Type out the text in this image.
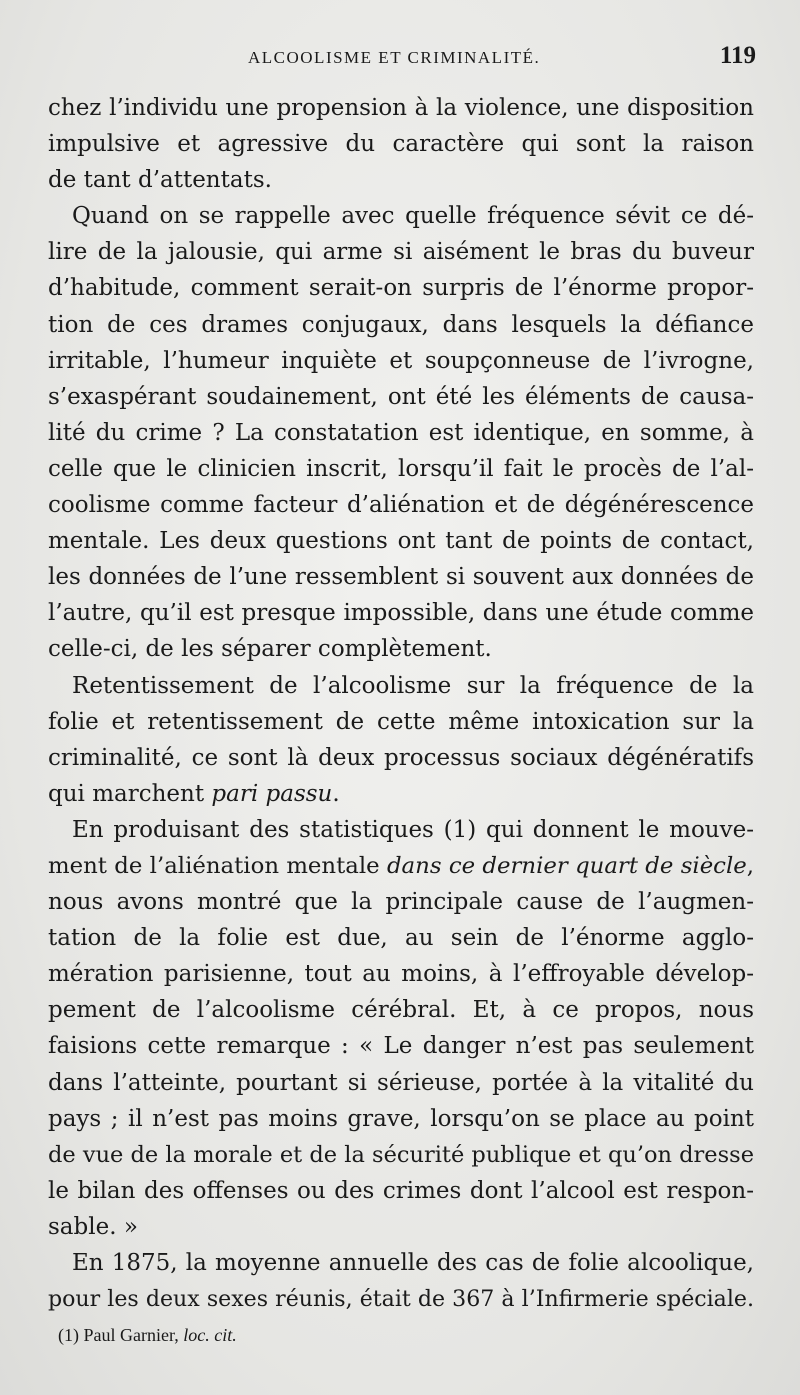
ALCOOLISME ET CRIMINALITÉ.	119
chez l’individu une propension à la violence, une disposition
impulsive et agressive du caractère qui sont la raison
de tant d’attentats.
Quand on se rappelle avec quelle fréquence sévit ce dé-
lire de la jalousie, qui arme si aisément le bras du buveur
d’habitude, comment serait-on surpris de l’énorme propor-
tion de ces drames conjugaux, dans lesquels la défiance
irritable, l’humeur inquiète et soupçonneuse de l’ivrogne,
s’exaspérant soudainement, ont été les éléments de causa-
lité du crime ? La constatation est identique, en somme, à
celle que le clinicien inscrit, lorsqu’il fait le procès de l’al-
coolisme comme facteur d’aliénation et de dégénérescence
mentale. Les deux questions ont tant de points de contact,
les données de l’une ressemblent si souvent aux données de
l’autre, qu’il est presque impossible, dans une étude comme
celle-ci, de les séparer complètement.
Retentissement de l’alcoolisme sur la fréquence de la
folie et retentissement de cette même intoxication sur la
criminalité, ce sont là deux processus sociaux dégénératifs
qui marchent pari passu.
En produisant des statistiques (1) qui donnent le mouve-
ment de l’aliénation mentale dans ce dernier quart de siècle,
nous avons montré que la principale cause de l’augmen-
tation de la folie est due, au sein de l’énorme agglo-
mération parisienne, tout au moins, à l’effroyable dévelop-
pement de l’alcoolisme cérébral. Et, à ce propos, nous
faisions cette remarque : « Le danger n’est pas seulement
dans l’atteinte, pourtant si sérieuse, portée à la vitalité du
pays ; il n’est pas moins grave, lorsqu’on se place au point
de vue de la morale et de la sécurité publique et qu’on dresse
le bilan des offenses ou des crimes dont l’alcool est respon-
sable. »
En 1875, la moyenne annuelle des cas de folie alcoolique,
pour les deux sexes réunis, était de 367 à l’Infirmerie spéciale.
(1) Paul Garnier, loc. cit.
